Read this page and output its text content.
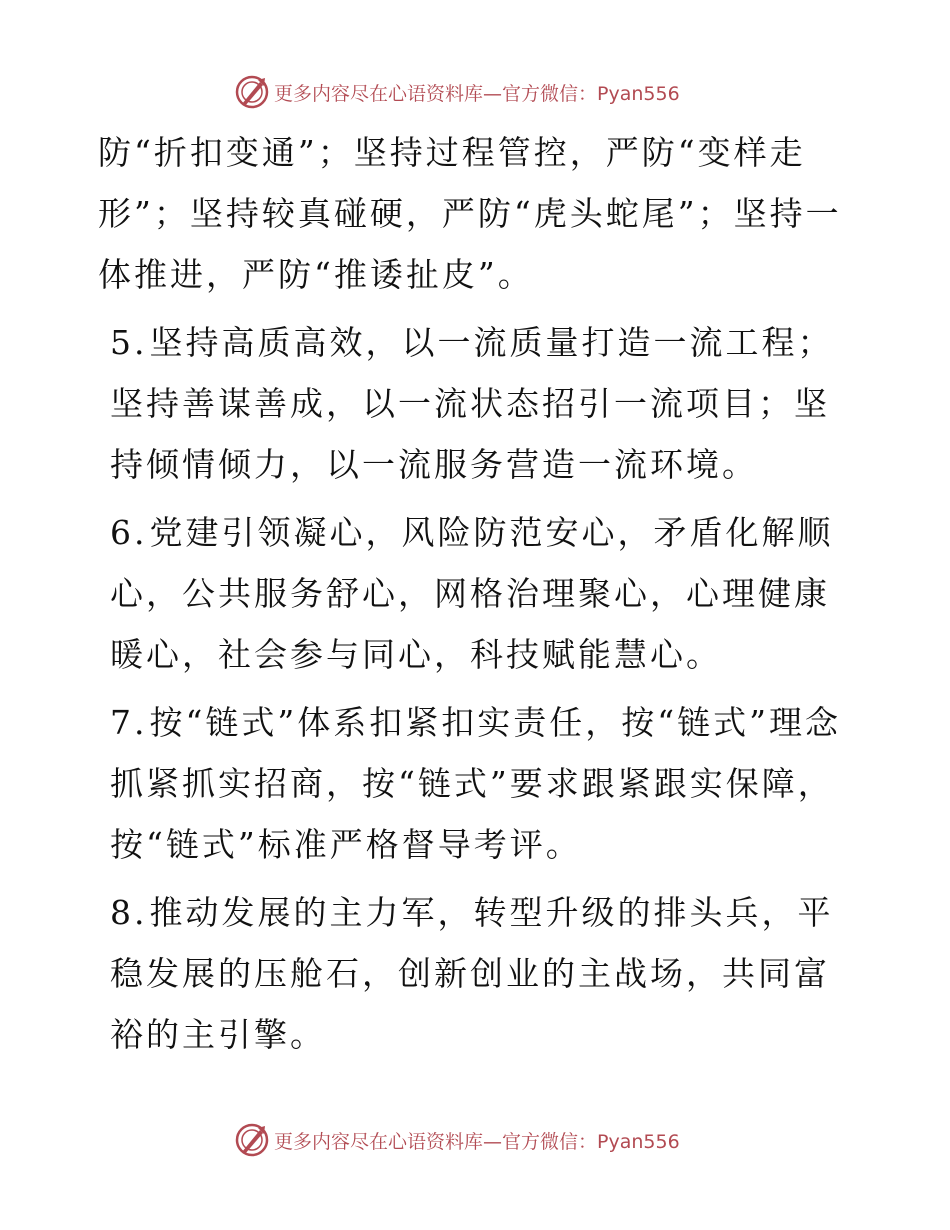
更多内容尽在心语资料库—官方微信：Pyan556

防“折扣变通”；坚持过程管控，严防“变样走形”；坚持较真碰硬，严防“虎头蛇尾”；坚持一体推进，严防“推诿扯皮”。

5.坚持高质高效，以一流质量打造一流工程；坚持善谋善成，以一流状态招引一流项目；坚持倾情倾力，以一流服务营造一流环境。

6.党建引领凝心，风险防范安心，矛盾化解顺心，公共服务舒心，网格治理聚心，心理健康暖心，社会参与同心，科技赋能慧心。

7.按“链式”体系扣紧扣实责任，按“链式”理念抓紧抓实招商，按“链式”要求跟紧跟实保障，按“链式”标准严格督导考评。

8.推动发展的主力军，转型升级的排头兵，平稳发展的压舱石，创新创业的主战场，共同富裕的主引擎。

更多内容尽在心语资料库—官方微信：Pyan556
